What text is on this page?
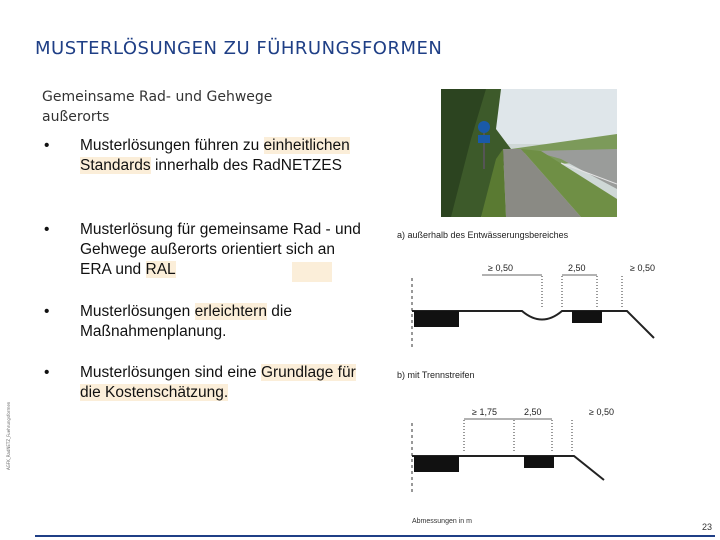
MUSTERLÖSUNGEN ZU FÜHRUNGSFORMEN
Gemeinsame Rad- und Gehwege außerorts
• Musterlösungen führen zu einheitlichen Standards innerhalb des RadNETZES
• Musterlösung für gemeinsame Rad - und Gehwege außerorts orientiert sich an ERA und RAL
• Musterlösungen erleichtern die Maßnahmenplanung.
• Musterlösungen sind eine Grundlage für die Kostenschätzung.
a) außerhalb des Entwässerungsbereiches
≥ 0,50	2,50	≥ 0,50
b) mit Trennstreifen
≥ 1,75	2,50	≥ 0,50
Abmessungen in m
AGFK_RadNETZ_Fuehrungsformen
23
